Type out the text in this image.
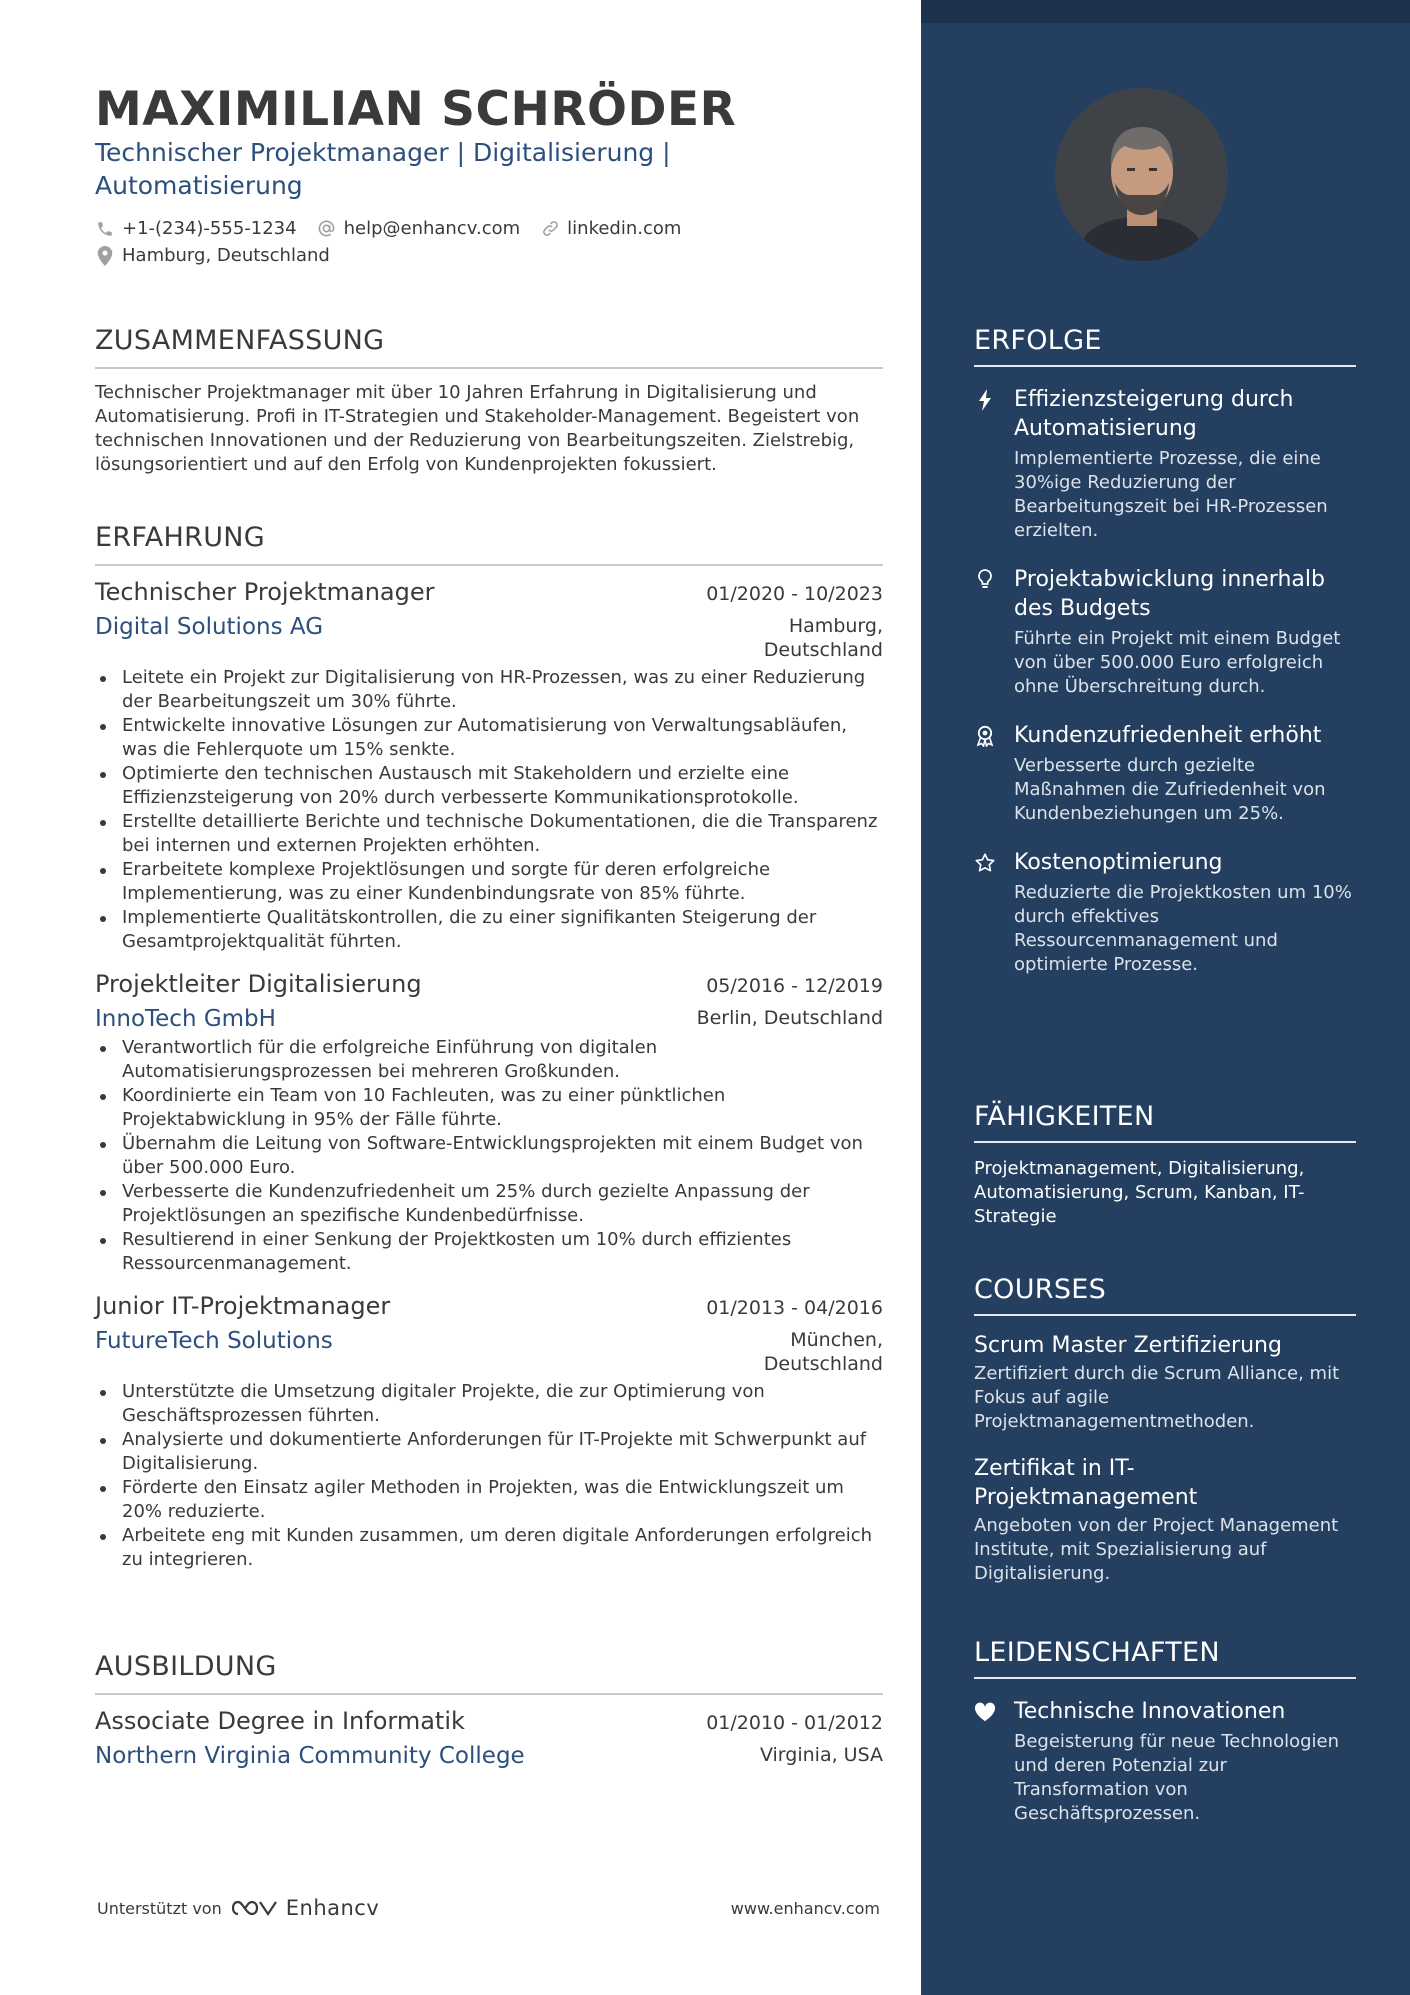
MAXIMILIAN SCHRÖDER
Technischer Projektmanager | Digitalisierung | Automatisierung
+1-(234)-555-1234	help@enhancv.com	linkedin.com
Hamburg, Deutschland
ZUSAMMENFASSUNG
Technischer Projektmanager mit über 10 Jahren Erfahrung in Digitalisierung und Automatisierung. Profi in IT-Strategien und Stakeholder-Management. Begeistert von technischen Innovationen und der Reduzierung von Bearbeitungszeiten. Zielstrebig, lösungsorientiert und auf den Erfolg von Kundenprojekten fokussiert.
ERFAHRUNG
Technischer Projektmanager	01/2020 - 10/2023
Digital Solutions AG	Hamburg,
Deutschland
Leitete ein Projekt zur Digitalisierung von HR-Prozessen, was zu einer Reduzierung der Bearbeitungszeit um 30% führte.
Entwickelte innovative Lösungen zur Automatisierung von Verwaltungsabläufen, was die Fehlerquote um 15% senkte.
Optimierte den technischen Austausch mit Stakeholdern und erzielte eine Effizienzsteigerung von 20% durch verbesserte Kommunikationsprotokolle.
Erstellte detaillierte Berichte und technische Dokumentationen, die die Transparenz bei internen und externen Projekten erhöhten.
Erarbeitete komplexe Projektlösungen und sorgte für deren erfolgreiche Implementierung, was zu einer Kundenbindungsrate von 85% führte.
Implementierte Qualitätskontrollen, die zu einer signifikanten Steigerung der Gesamtprojektqualität führten.
Projektleiter Digitalisierung	05/2016 - 12/2019
InnoTech GmbH	Berlin, Deutschland
Verantwortlich für die erfolgreiche Einführung von digitalen Automatisierungsprozessen bei mehreren Großkunden.
Koordinierte ein Team von 10 Fachleuten, was zu einer pünktlichen Projektabwicklung in 95% der Fälle führte.
Übernahm die Leitung von Software-Entwicklungsprojekten mit einem Budget von über 500.000 Euro.
Verbesserte die Kundenzufriedenheit um 25% durch gezielte Anpassung der Projektlösungen an spezifische Kundenbedürfnisse.
Resultierend in einer Senkung der Projektkosten um 10% durch effizientes Ressourcenmanagement.
Junior IT-Projektmanager	01/2013 - 04/2016
FutureTech Solutions	München,
Deutschland
Unterstützte die Umsetzung digitaler Projekte, die zur Optimierung von Geschäftsprozessen führten.
Analysierte und dokumentierte Anforderungen für IT-Projekte mit Schwerpunkt auf Digitalisierung.
Förderte den Einsatz agiler Methoden in Projekten, was die Entwicklungszeit um 20% reduzierte.
Arbeitete eng mit Kunden zusammen, um deren digitale Anforderungen erfolgreich zu integrieren.
AUSBILDUNG
Associate Degree in Informatik	01/2010 - 01/2012
Northern Virginia Community College	Virginia, USA
Unterstützt von	Enhancv	www.enhancv.com
ERFOLGE
Effizienzsteigerung durch Automatisierung
Implementierte Prozesse, die eine 30%ige Reduzierung der Bearbeitungszeit bei HR-Prozessen erzielten.
Projektabwicklung innerhalb des Budgets
Führte ein Projekt mit einem Budget von über 500.000 Euro erfolgreich ohne Überschreitung durch.
Kundenzufriedenheit erhöht
Verbesserte durch gezielte Maßnahmen die Zufriedenheit von Kundenbeziehungen um 25%.
Kostenoptimierung
Reduzierte die Projektkosten um 10% durch effektives Ressourcenmanagement und optimierte Prozesse.
FÄHIGKEITEN
Projektmanagement, Digitalisierung, Automatisierung, Scrum, Kanban, IT-Strategie
COURSES
Scrum Master Zertifizierung
Zertifiziert durch die Scrum Alliance, mit Fokus auf agile Projektmanagementmethoden.
Zertifikat in IT-Projektmanagement
Angeboten von der Project Management Institute, mit Spezialisierung auf Digitalisierung.
LEIDENSCHAFTEN
Technische Innovationen
Begeisterung für neue Technologien und deren Potenzial zur Transformation von Geschäftsprozessen.
